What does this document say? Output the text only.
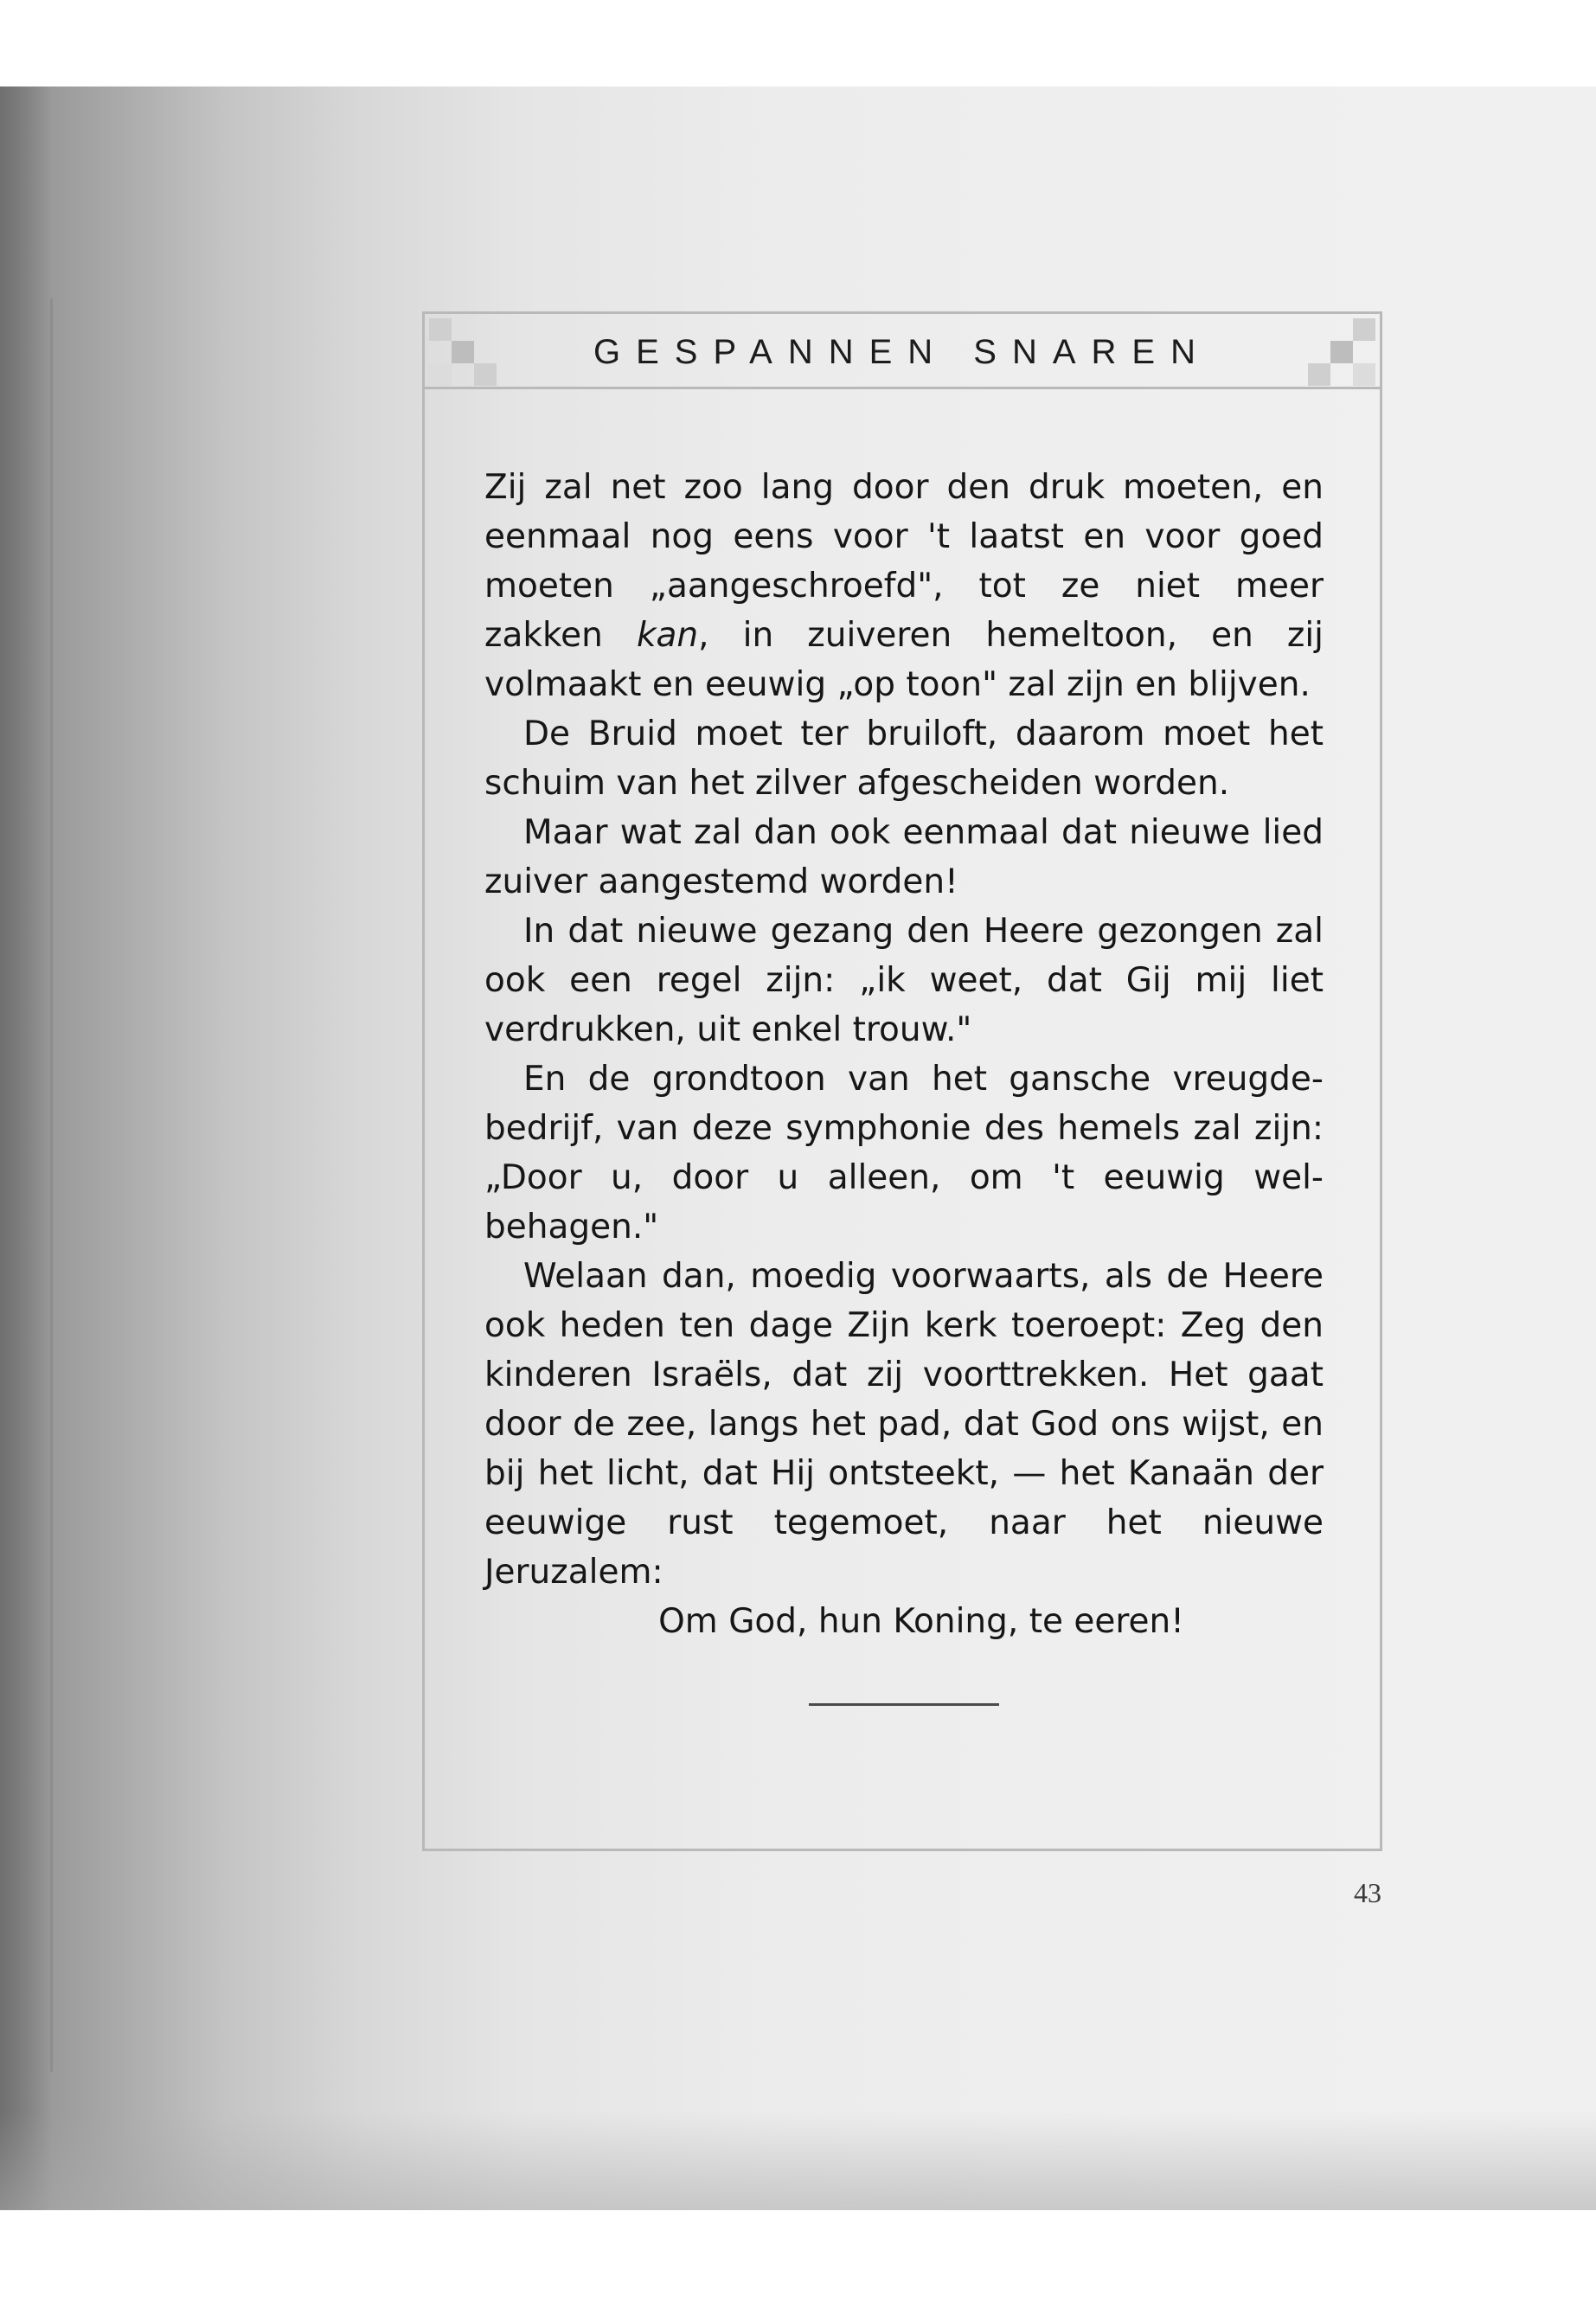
GESPANNEN SNAREN

Zij zal net zoo lang door den druk moeten, en eenmaal nog eens voor 't laatst en voor goed moeten „aangeschroefd", tot ze niet meer zakken kan, in zuiveren hemeltoon, en zij volmaakt en eeuwig „op toon" zal zijn en blijven.

De Bruid moet ter bruiloft, daarom moet het schuim van het zilver afgescheiden worden.

Maar wat zal dan ook eenmaal dat nieuwe lied zuiver aangestemd worden!

In dat nieuwe gezang den Heere gezongen zal ook een regel zijn: „ik weet, dat Gij mij liet verdrukken, uit enkel trouw."

En de grondtoon van het gansche vreugde-bedrijf, van deze symphonie des hemels zal zijn: „Door u, door u alleen, om 't eeuwig wel-behagen."

Welaan dan, moedig voorwaarts, als de Heere ook heden ten dage Zijn kerk toeroept: Zeg den kinderen Israëls, dat zij voorttrekken. Het gaat door de zee, langs het pad, dat God ons wijst, en bij het licht, dat Hij ontsteekt, — het Kanaän der eeuwige rust tegemoet, naar het nieuwe Jeruzalem:

Om God, hun Koning, te eeren!

43
